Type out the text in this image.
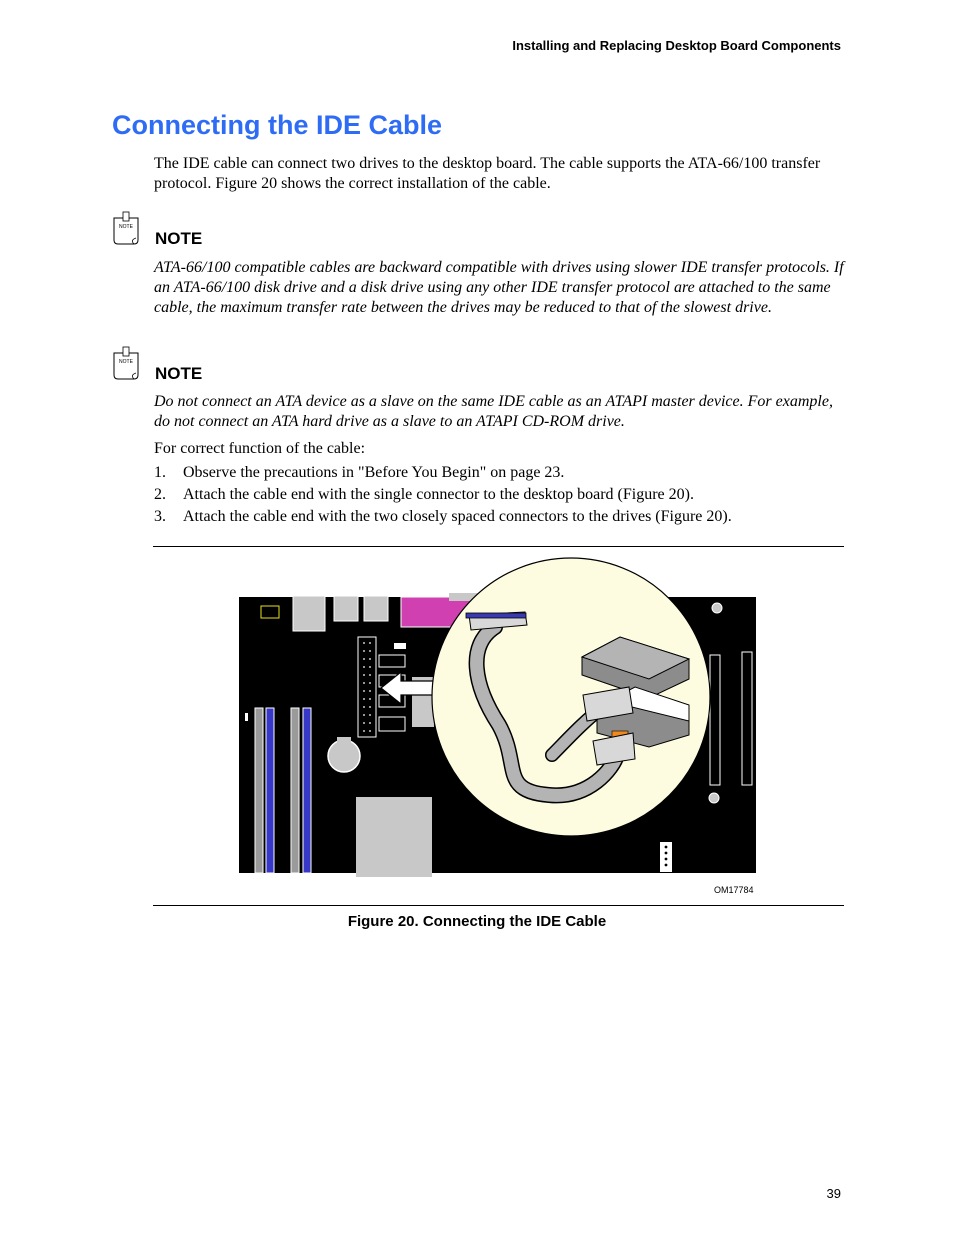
Installing and Replacing Desktop Board Components
Connecting the IDE Cable

The IDE cable can connect two drives to the desktop board. The cable supports the ATA-66/100 transfer protocol. Figure 20 shows the correct installation of the cable.

NOTE
NOTE

ATA-66/100 compatible cables are backward compatible with drives using slower IDE transfer protocols. If an ATA-66/100 disk drive and a disk drive using any other IDE transfer protocol are attached to the same cable, the maximum transfer rate between the drives may be reduced to that of the slowest drive.

NOTE
NOTE

Do not connect an ATA device as a slave on the same IDE cable as an ATAPI master device. For example, do not connect an ATA hard drive as a slave to an ATAPI CD-ROM drive.

For correct function of the cable:

1. Observe the precautions in "Before You Begin" on page 23.
2. Attach the cable end with the single connector to the desktop board (Figure 20).
3. Attach the cable end with the two closely spaced connectors to the drives (Figure 20).
OM17784
Figure 20. Connecting the IDE Cable
39
